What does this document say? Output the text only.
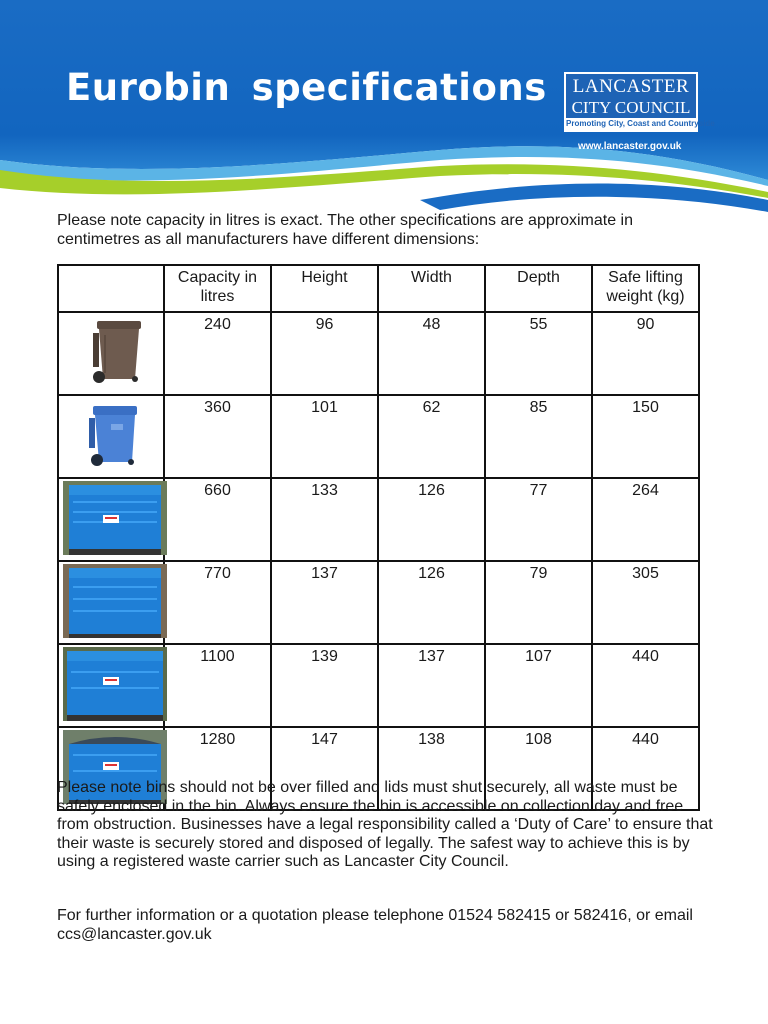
Eurobin specifications	LANCASTER
CITY COUNCIL
Promoting City, Coast and Countryside
www.lancaster.gov.uk

Please note capacity in litres is exact. The other specifications are approximate in centimetres as all manufacturers have different dimensions:

	Capacity in litres	Height	Width	Depth	Safe lifting weight (kg)
	240	96	48	55	90
	360	101	62	85	150
	660	133	126	77	264
	770	137	126	79	305
	1100	139	137	107	440
	1280	147	138	108	440

Please note bins should not be over filled and lids must shut securely, all waste must be safely enclosed in the bin. Always ensure the bin is accessible on collection day and free from obstruction. Businesses have a legal responsibility called a ‘Duty of Care’ to ensure that their waste is securely stored and disposed of legally. The safest way to achieve this is by using a registered waste carrier such as Lancaster City Council.

For further information or a quotation please telephone 01524 582415 or 582416, or email ccs@lancaster.gov.uk
